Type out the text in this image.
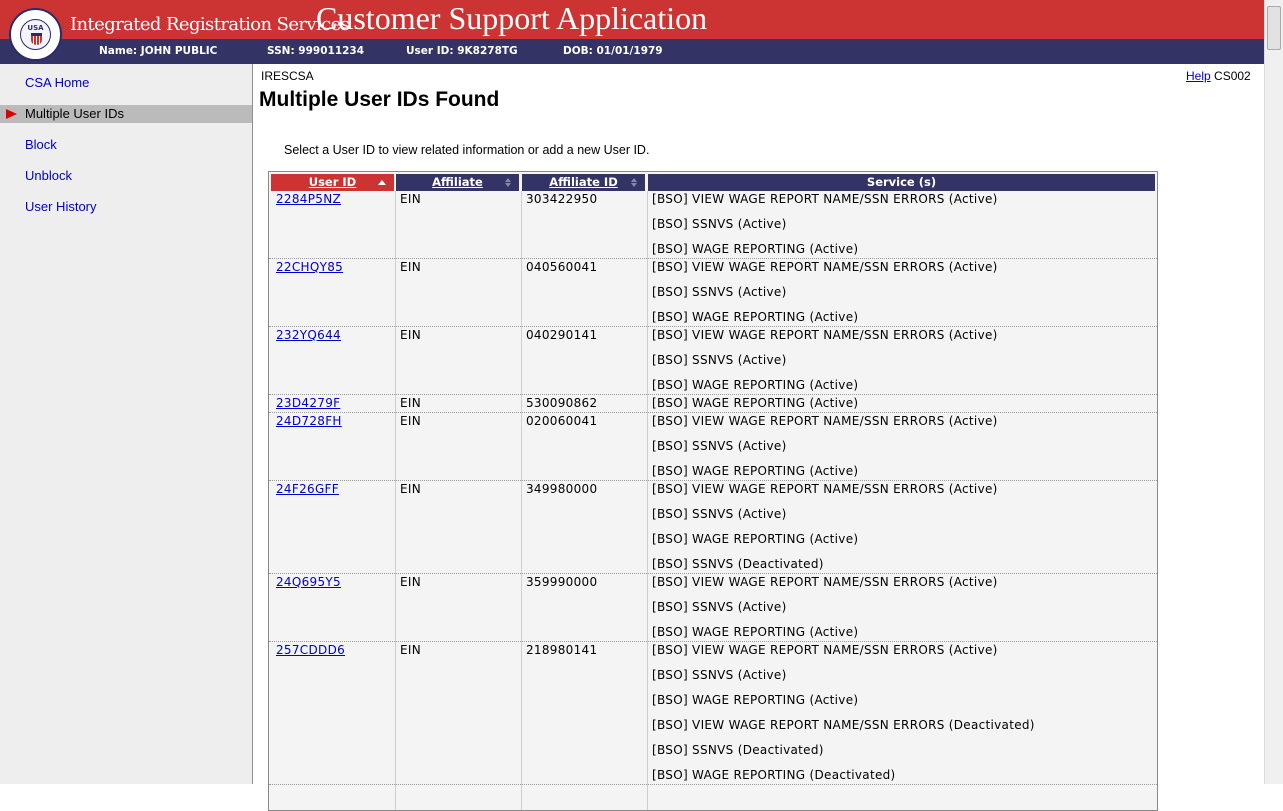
Integrated Registration Services
Customer Support Application
USA
Name: JOHN PUBLIC	SSN: 999011234	User ID: 9K8278TG	DOB: 01/01/1979
CSA Home
Multiple User IDs
Block
Unblock
User History
IRESCSA	Help CS002
Multiple User IDs Found
Select a User ID to view related information or add a new User ID.
User ID	Affiliate	Affiliate ID	Service (s)
2284P5NZ	EIN	303422950	[BSO] VIEW WAGE REPORT NAME/SSN ERRORS (Active)
[BSO] SSNVS (Active)
[BSO] WAGE REPORTING (Active)
22CHQY85	EIN	040560041	[BSO] VIEW WAGE REPORT NAME/SSN ERRORS (Active)
[BSO] SSNVS (Active)
[BSO] WAGE REPORTING (Active)
232YQ644	EIN	040290141	[BSO] VIEW WAGE REPORT NAME/SSN ERRORS (Active)
[BSO] SSNVS (Active)
[BSO] WAGE REPORTING (Active)
23D4279F	EIN	530090862	[BSO] WAGE REPORTING (Active)
24D728FH	EIN	020060041	[BSO] VIEW WAGE REPORT NAME/SSN ERRORS (Active)
[BSO] SSNVS (Active)
[BSO] WAGE REPORTING (Active)
24F26GFF	EIN	349980000	[BSO] VIEW WAGE REPORT NAME/SSN ERRORS (Active)
[BSO] SSNVS (Active)
[BSO] WAGE REPORTING (Active)
[BSO] SSNVS (Deactivated)
24Q695Y5	EIN	359990000	[BSO] VIEW WAGE REPORT NAME/SSN ERRORS (Active)
[BSO] SSNVS (Active)
[BSO] WAGE REPORTING (Active)
257CDDD6	EIN	218980141	[BSO] VIEW WAGE REPORT NAME/SSN ERRORS (Active)
[BSO] SSNVS (Active)
[BSO] WAGE REPORTING (Active)
[BSO] VIEW WAGE REPORT NAME/SSN ERRORS (Deactivated)
[BSO] SSNVS (Deactivated)
[BSO] WAGE REPORTING (Deactivated)
